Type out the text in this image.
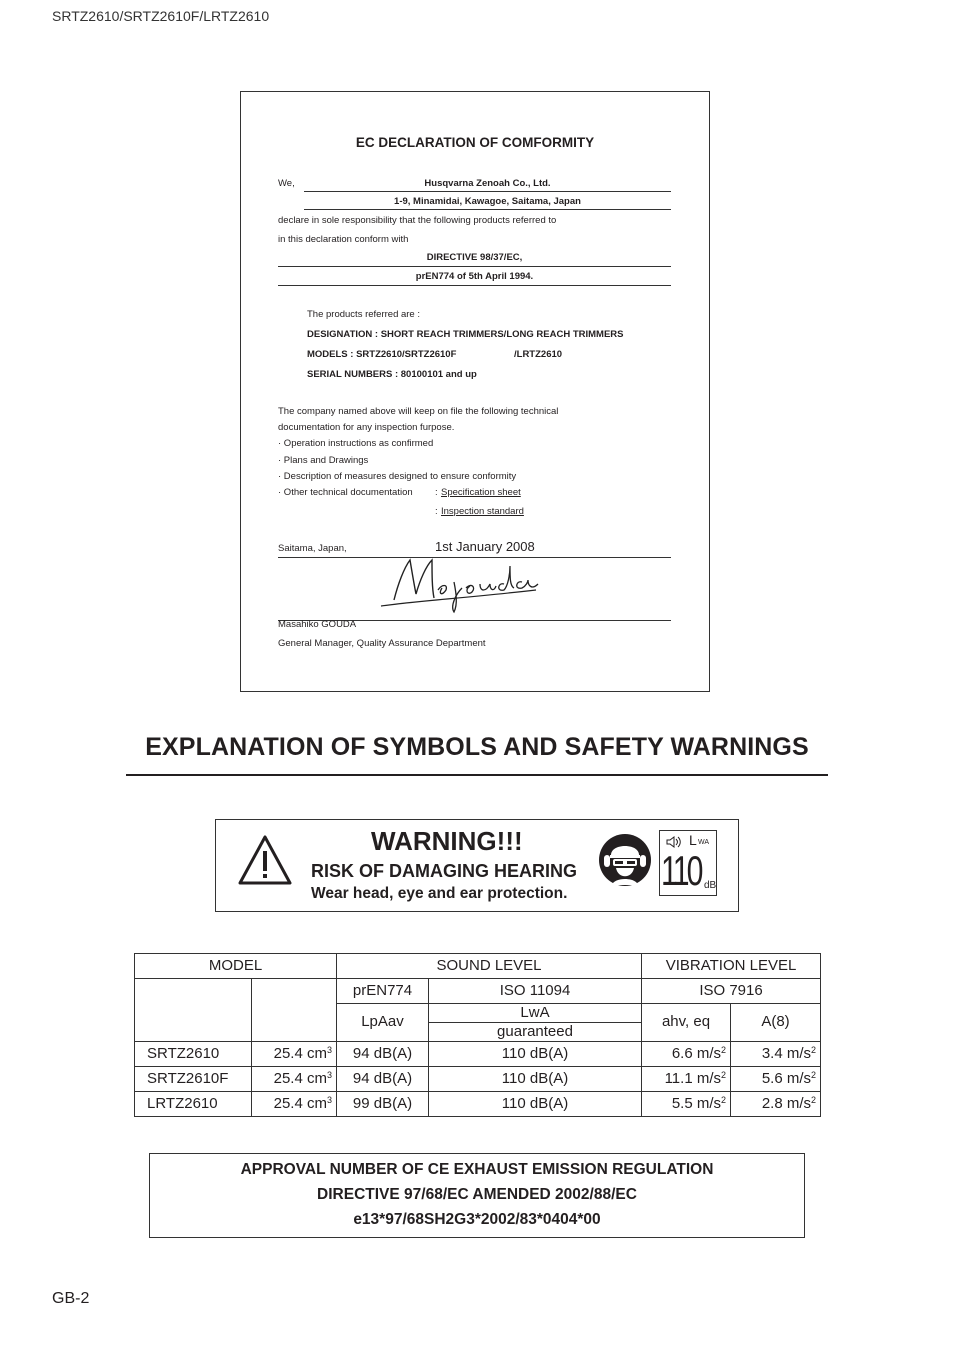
SRTZ2610/SRTZ2610F/LRTZ2610
EC DECLARATION OF COMFORMITY
We,	Husqvarna Zenoah Co., Ltd.
1-9, Minamidai, Kawagoe, Saitama, Japan
declare in sole responsibility that the following products referred to
in this declaration conform with
DIRECTIVE 98/37/EC,
prEN774 of 5th April 1994.
The products referred are :
DESIGNATION : SHORT REACH TRIMMERS/LONG REACH TRIMMERS
MODELS : SRTZ2610/SRTZ2610F	/LRTZ2610
SERIAL NUMBERS : 80100101 and up
The company named above will keep on file the following technical
documentation for any inspection furpose.
· Operation instructions as confirmed
· Plans and Drawings
· Description of measures designed to ensure conformity
· Other technical documentation : Specification sheet
: Inspection standard
Saitama, Japan,	1st January 2008
Masahiko GOUDA
General Manager, Quality Assurance Department
EXPLANATION OF SYMBOLS AND SAFETY WARNINGS
WARNING!!!
RISK OF DAMAGING HEARING
Wear head, eye and ear protection.
L WA
110 dB
MODEL		SOUND LEVEL		VIBRATION LEVEL	
		prEN774	ISO 11094	ISO 7916	
		LpAav	LwA	ahv, eq	A(8)
			guaranteed		
SRTZ2610	25.4 $cm^3$	94 dB(A)	110 dB(A)	6.6 $m/s^2$	3.4 $m/s^2$
SRTZ2610F	25.4 $cm^3$	94 dB(A)	110 dB(A)	11.1 $m/s^2$	5.6 $m/s^2$
LRTZ2610	25.4 $cm^3$	99 dB(A)	110 dB(A)	5.5 $m/s^2$	2.8 $m/s^2$
APPROVAL NUMBER OF CE EXHAUST EMISSION REGULATION
DIRECTIVE 97/68/EC AMENDED 2002/88/EC
e13*97/68SH2G3*2002/83*0404*00
GB-2
